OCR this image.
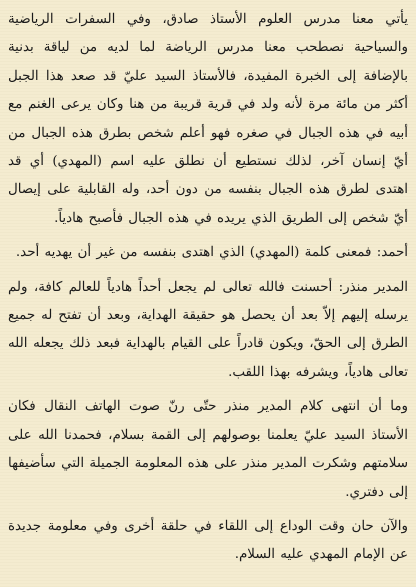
يأتي معنا مدرس العلوم الأستاذ صادق، وفي السفرات الرياضية والسياحية نصطحب معنا مدرس الرياضة لما لديه من لياقة بدنية بالإضافة إلى الخبرة المفيدة، فالأستاذ السيد عليّ قد صعد هذا الجبل أكثر من مائة مرة لأنه ولد في قرية قريبة من هنا وكان يرعى الغنم مع أبيه في هذه الجبال في صغره فهو أعلم شخص بطرق هذه الجبال من أيّ إنسان آخر، لذلك نستطيع أن نطلق عليه اسم (المهدي) أي قد اهتدى لطرق هذه الجبال بنفسه من دون أحد، وله القابلية على إيصال أيّ شخص إلى الطريق الذي يريده في هذه الجبال فأصبح هادياً.

أحمد: فمعنى كلمة (المهدي) الذي اهتدى بنفسه من غير أن يهديه أحد.

المدير منذر: أحسنت فالله تعالى لم يجعل أحداً هادياً للعالم كافة، ولم يرسله إليهم إلاّ بعد أن يحصل هو حقيقة الهداية، وبعد أن تفتح له جميع الطرق إلى الحقّ، ويكون قادراً على القيام بالهداية فبعد ذلك يجعله الله تعالى هادياً، ويشرفه بهذا اللقب.

وما أن انتهى كلام المدير منذر حتّى رنّ صوت الهاتف النقال فكان الأستاذ السيد عليّ يعلمنا بوصولهم إلى القمة بسلام، فحمدنا الله على سلامتهم وشكرت المدير منذر على هذه المعلومة الجميلة التي سأضيفها إلى دفتري.

والآن حان وقت الوداع إلى اللقاء في حلقة أخرى وفي معلومة جديدة عن الإمام المهدي عليه السلام.
